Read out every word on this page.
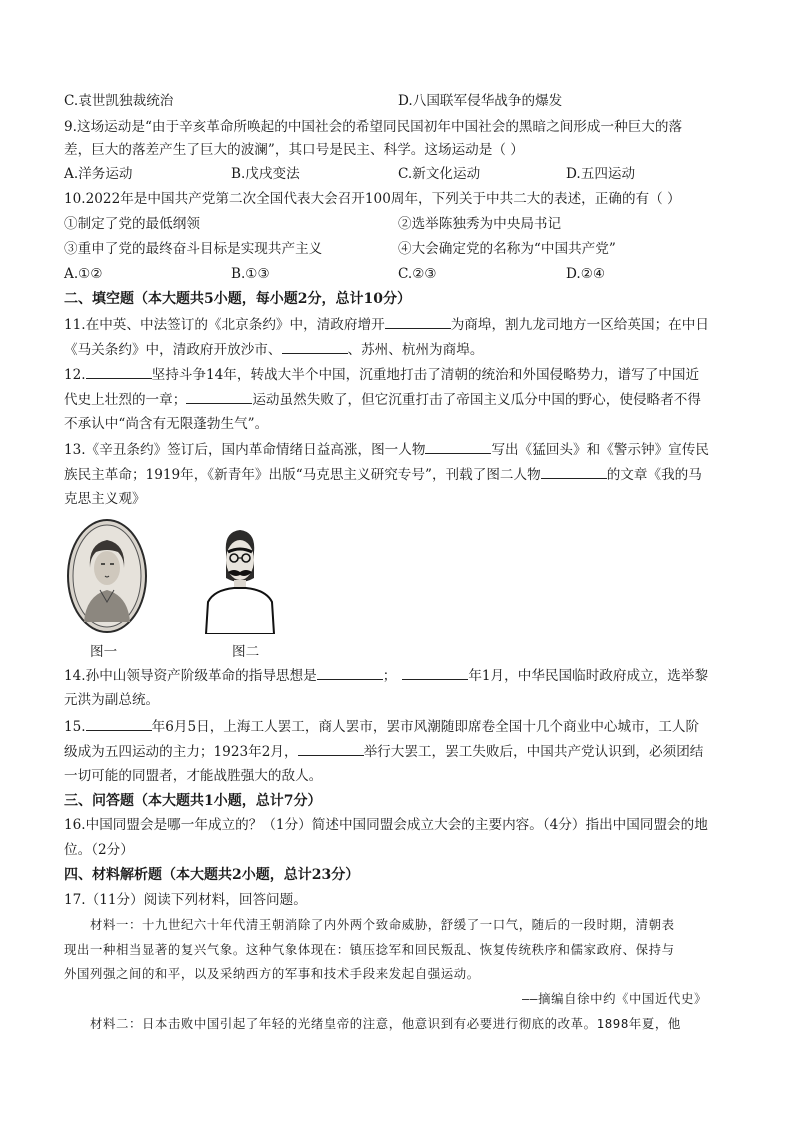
C.袁世凯独裁统治	D.八国联军侵华战争的爆发
9.这场运动是“由于辛亥革命所唤起的中国社会的希望同民国初年中国社会的黑暗之间形成一种巨大的落
差，巨大的落差产生了巨大的波澜”，其口号是民主、科学。这场运动是（ ）
A.洋务运动	B.戊戌变法	C.新文化运动	D.五四运动
10.2022年是中国共产党第二次全国代表大会召开100周年，下列关于中共二大的表述，正确的有（ ）
①制定了党的最低纲领	②选举陈独秀为中央局书记
③重申了党的最终奋斗目标是实现共产主义	④大会确定党的名称为“中国共产党”
A.①②	B.①③	C.②③	D.②④
二、填空题（本大题共5小题，每小题2分，总计10分）
11.在中英、中法签订的《北京条约》中，清政府增开	为商埠，割九龙司地方一区给英国；在中日
《马关条约》中，清政府开放沙市、	、苏州、杭州为商埠。
12.	坚持斗争14年，转战大半个中国，沉重地打击了清朝的统治和外国侵略势力，谱写了中国近
代史上壮烈的一章；	运动虽然失败了，但它沉重打击了帝国主义瓜分中国的野心，使侵略者不得
不承认中“尚含有无限蓬勃生气”。
13.《辛丑条约》签订后，国内革命情绪日益高涨，图一人物	写出《猛回头》和《警示钟》宣传民
族民主革命；1919年，《新青年》出版“马克思主义研究专号”，刊载了图二人物	的文章《我的马
克思主义观》
图一	图二
14.孙中山领导资产阶级革命的指导思想是	；	年1月，中华民国临时政府成立，选举黎
元洪为副总统。
15.	年6月5日，上海工人罢工，商人罢市，罢市风潮随即席卷全国十几个商业中心城市，工人阶
级成为五四运动的主力；1923年2月，	举行大罢工，罢工失败后，中国共产党认识到，必须团结
一切可能的同盟者，才能战胜强大的敌人。
三、问答题（本大题共1小题，总计7分）
16.中国同盟会是哪一年成立的？（1分）简述中国同盟会成立大会的主要内容。（4分）指出中国同盟会的地
位。（2分）
四、材料解析题（本大题共2小题，总计23分）
17.（11分）阅读下列材料，回答问题。
材料一：十九世纪六十年代清王朝消除了内外两个致命威胁，舒缓了一口气，随后的一段时期，清朝表
现出一种相当显著的复兴气象。这种气象体现在：镇压捻军和回民叛乱、恢复传统秩序和儒家政府、保持与
外国列强之间的和平，以及采纳西方的军事和技术手段来发起自强运动。
——摘编自徐中约《中国近代史》
材料二：日本击败中国引起了年轻的光绪皇帝的注意，他意识到有必要进行彻底的改革。1898年夏，他
